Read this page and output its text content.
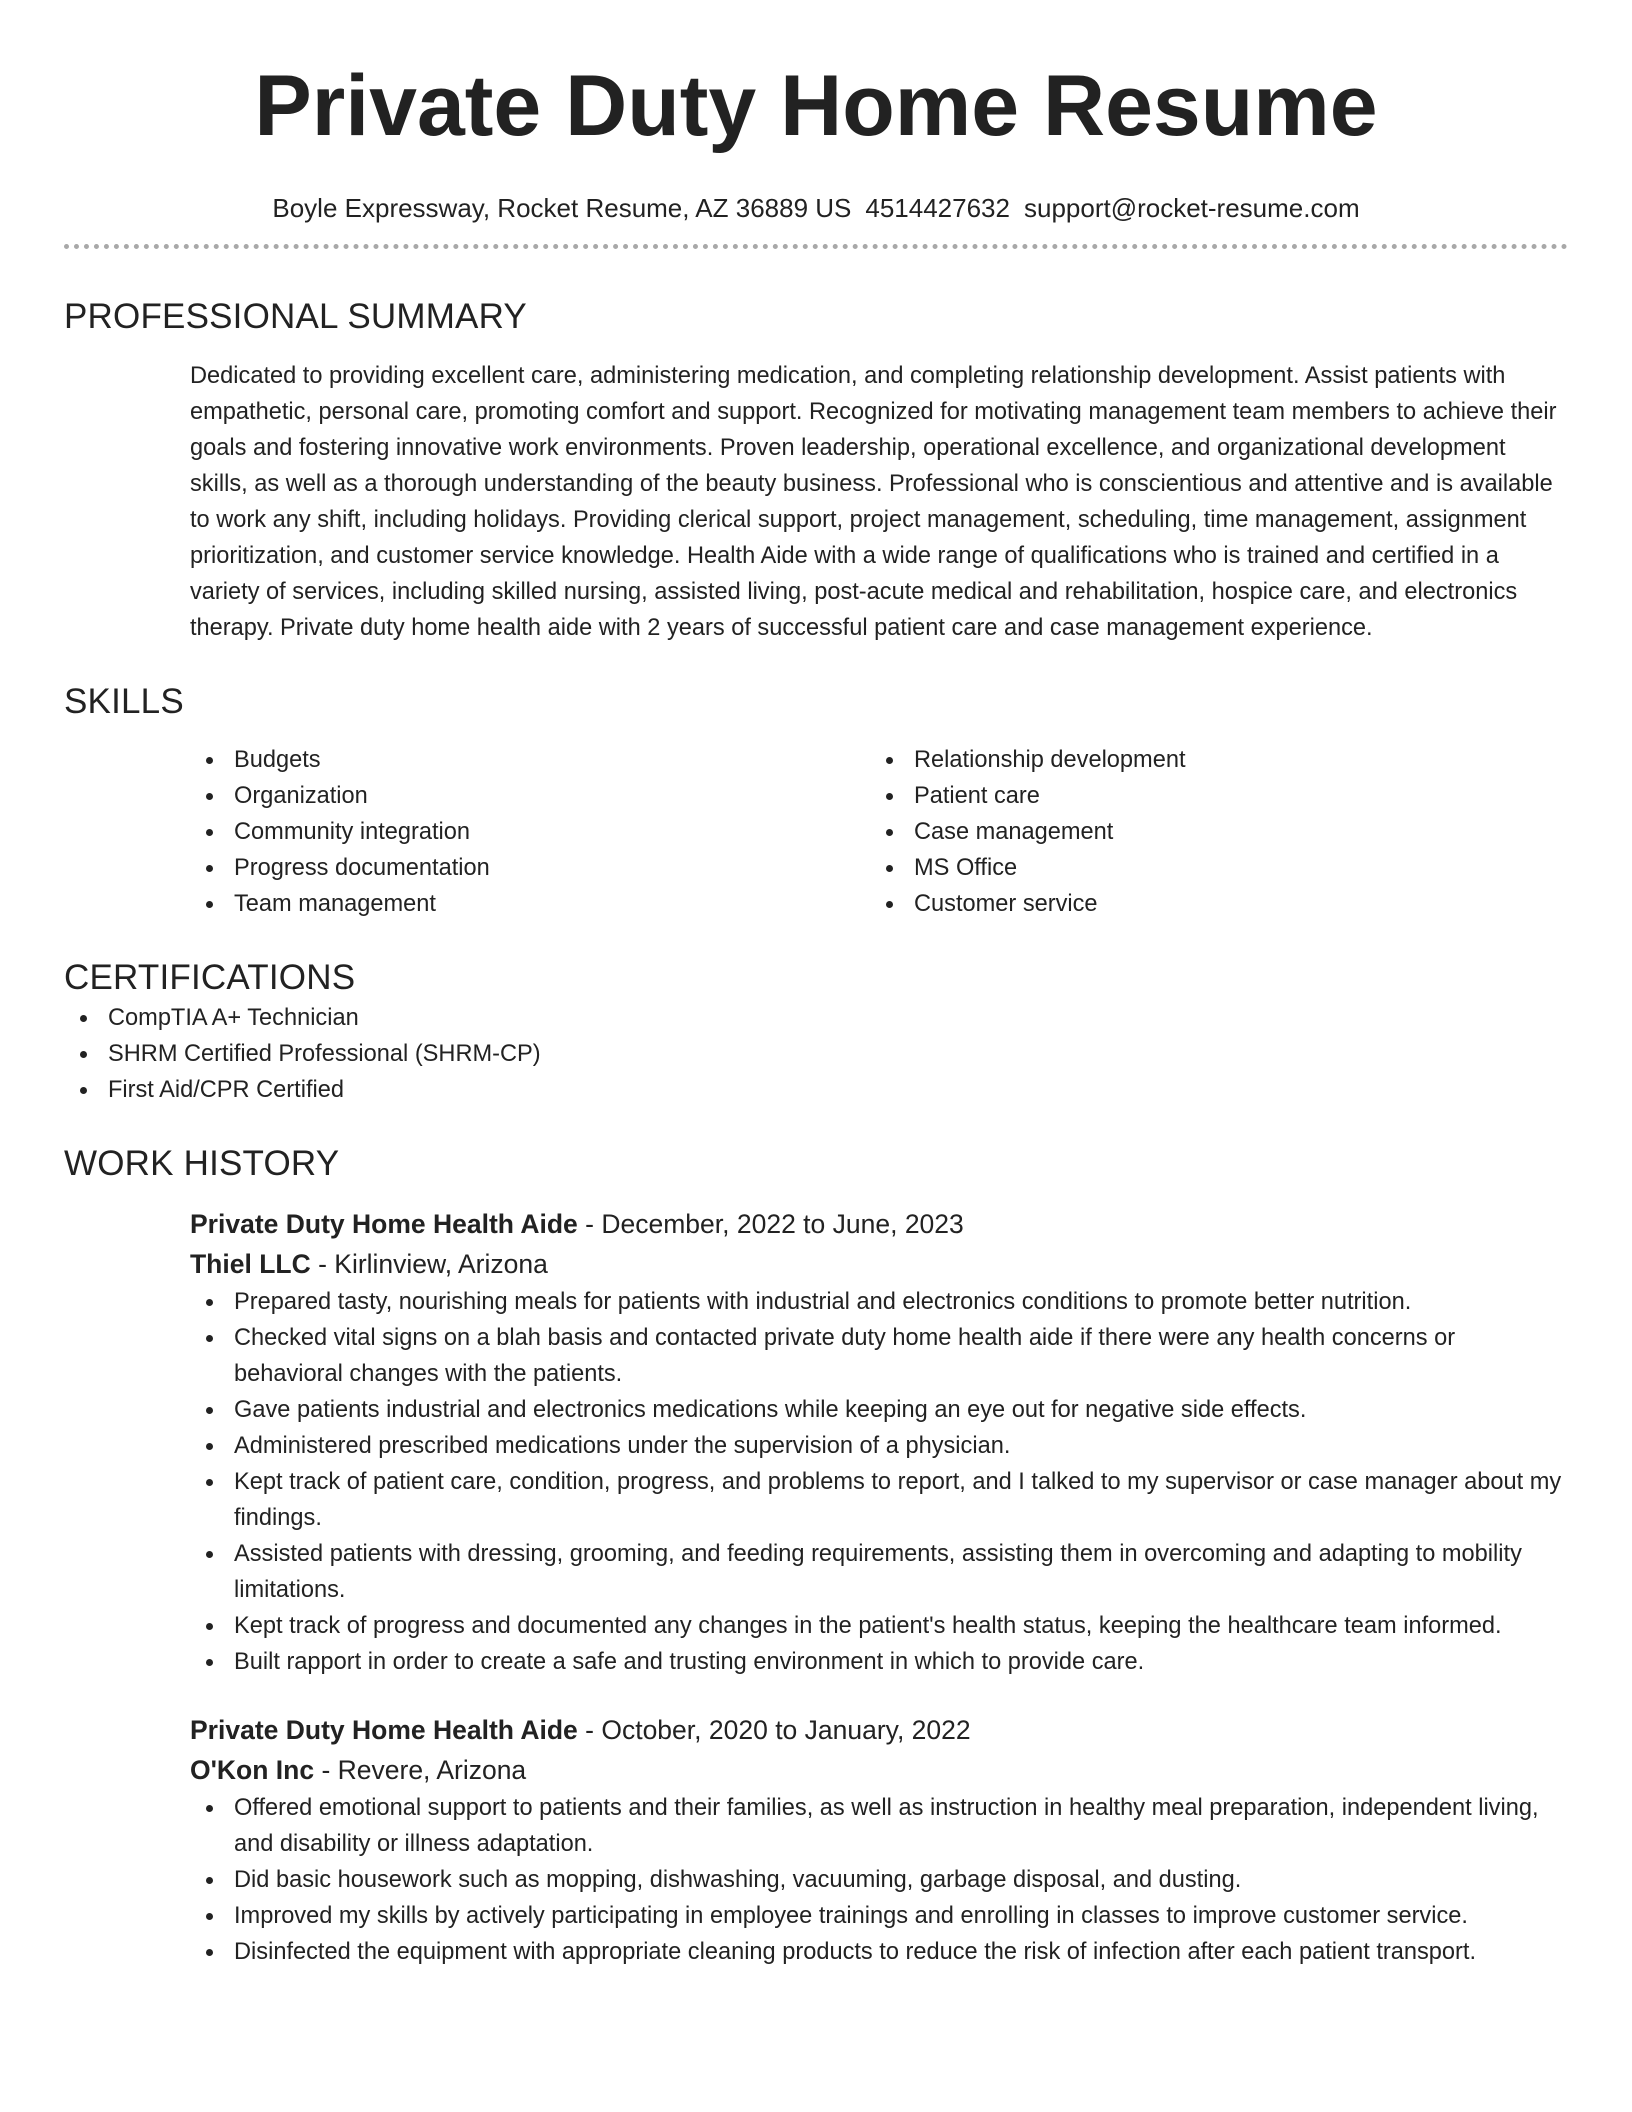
Private Duty Home Resume
Boyle Expressway, Rocket Resume, AZ 36889 US 4514427632 support@rocket-resume.com
PROFESSIONAL SUMMARY

Dedicated to providing excellent care, administering medication, and completing relationship development. Assist patients with empathetic, personal care, promoting comfort and support. Recognized for motivating management team members to achieve their goals and fostering innovative work environments. Proven leadership, operational excellence, and organizational development skills, as well as a thorough understanding of the beauty business. Professional who is conscientious and attentive and is available to work any shift, including holidays. Providing clerical support, project management, scheduling, time management, assignment prioritization, and customer service knowledge. Health Aide with a wide range of qualifications who is trained and certified in a variety of services, including skilled nursing, assisted living, post-acute medical and rehabilitation, hospice care, and electronics therapy. Private duty home health aide with 2 years of successful patient care and case management experience.

SKILLS
Budgets
Organization
Community integration
Progress documentation
Team management
Relationship development
Patient care
Case management
MS Office
Customer service
CERTIFICATIONS
CompTIA A+ Technician
SHRM Certified Professional (SHRM-CP)
First Aid/CPR Certified
WORK HISTORY
Private Duty Home Health Aide - December, 2022 to June, 2023
Thiel LLC - Kirlinview, Arizona
Prepared tasty, nourishing meals for patients with industrial and electronics conditions to promote better nutrition.
Checked vital signs on a blah basis and contacted private duty home health aide if there were any health concerns or behavioral changes with the patients.
Gave patients industrial and electronics medications while keeping an eye out for negative side effects.
Administered prescribed medications under the supervision of a physician.
Kept track of patient care, condition, progress, and problems to report, and I talked to my supervisor or case manager about my findings.
Assisted patients with dressing, grooming, and feeding requirements, assisting them in overcoming and adapting to mobility limitations.
Kept track of progress and documented any changes in the patient's health status, keeping the healthcare team informed.
Built rapport in order to create a safe and trusting environment in which to provide care.
Private Duty Home Health Aide - October, 2020 to January, 2022
O'Kon Inc - Revere, Arizona
Offered emotional support to patients and their families, as well as instruction in healthy meal preparation, independent living, and disability or illness adaptation.
Did basic housework such as mopping, dishwashing, vacuuming, garbage disposal, and dusting.
Improved my skills by actively participating in employee trainings and enrolling in classes to improve customer service.
Disinfected the equipment with appropriate cleaning products to reduce the risk of infection after each patient transport.
